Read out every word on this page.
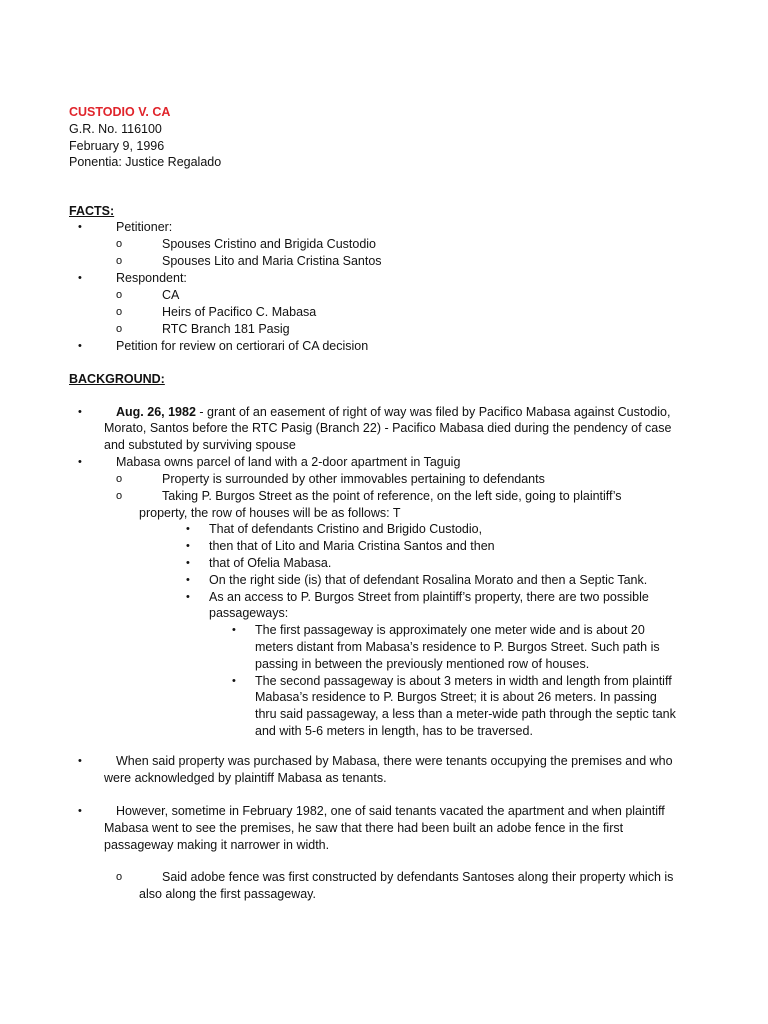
CUSTODIO V. CA
G.R. No. 116100
February 9, 1996
Ponentia: Justice Regalado
FACTS:
•	Petitioner:
o	Spouses Cristino and Brigida Custodio
o	Spouses Lito and Maria Cristina Santos
•	Respondent:
o	CA
o	Heirs of Pacifico C. Mabasa
o	RTC Branch 181 Pasig
•	Petition for review on certiorari of CA decision
BACKGROUND:
•	Aug. 26, 1982 - grant of an easement of right of way was filed by Pacifico Mabasa against Custodio,
Morato, Santos before the RTC Pasig (Branch 22) - Pacifico Mabasa died during the pendency of case
and substuted by surviving spouse
•	Mabasa owns parcel of land with a 2-door apartment in Taguig
o	Property is surrounded by other immovables pertaining to defendants
o	Taking P. Burgos Street as the point of reference, on the left side, going to plaintiff’s
property, the row of houses will be as follows: T
• That of defendants Cristino and Brigido Custodio,
• then that of Lito and Maria Cristina Santos and then
• that of Ofelia Mabasa.
• On the right side (is) that of defendant Rosalina Morato and then a Septic Tank.
• As an access to P. Burgos Street from plaintiff’s property, there are two possible
passageways:
• The first passageway is approximately one meter wide and is about 20
meters distant from Mabasa’s residence to P. Burgos Street. Such path is
passing in between the previously mentioned row of houses.
• The second passageway is about 3 meters in width and length from plaintiff
Mabasa’s residence to P. Burgos Street; it is about 26 meters. In passing
thru said passageway, a less than a meter-wide path through the septic tank
and with 5-6 meters in length, has to be traversed.
•	When said property was purchased by Mabasa, there were tenants occupying the premises and who
were acknowledged by plaintiff Mabasa as tenants.
•	However, sometime in February 1982, one of said tenants vacated the apartment and when plaintiff
Mabasa went to see the premises, he saw that there had been built an adobe fence in the first
passageway making it narrower in width.
o	Said adobe fence was first constructed by defendants Santoses along their property which is
also along the first passageway.
